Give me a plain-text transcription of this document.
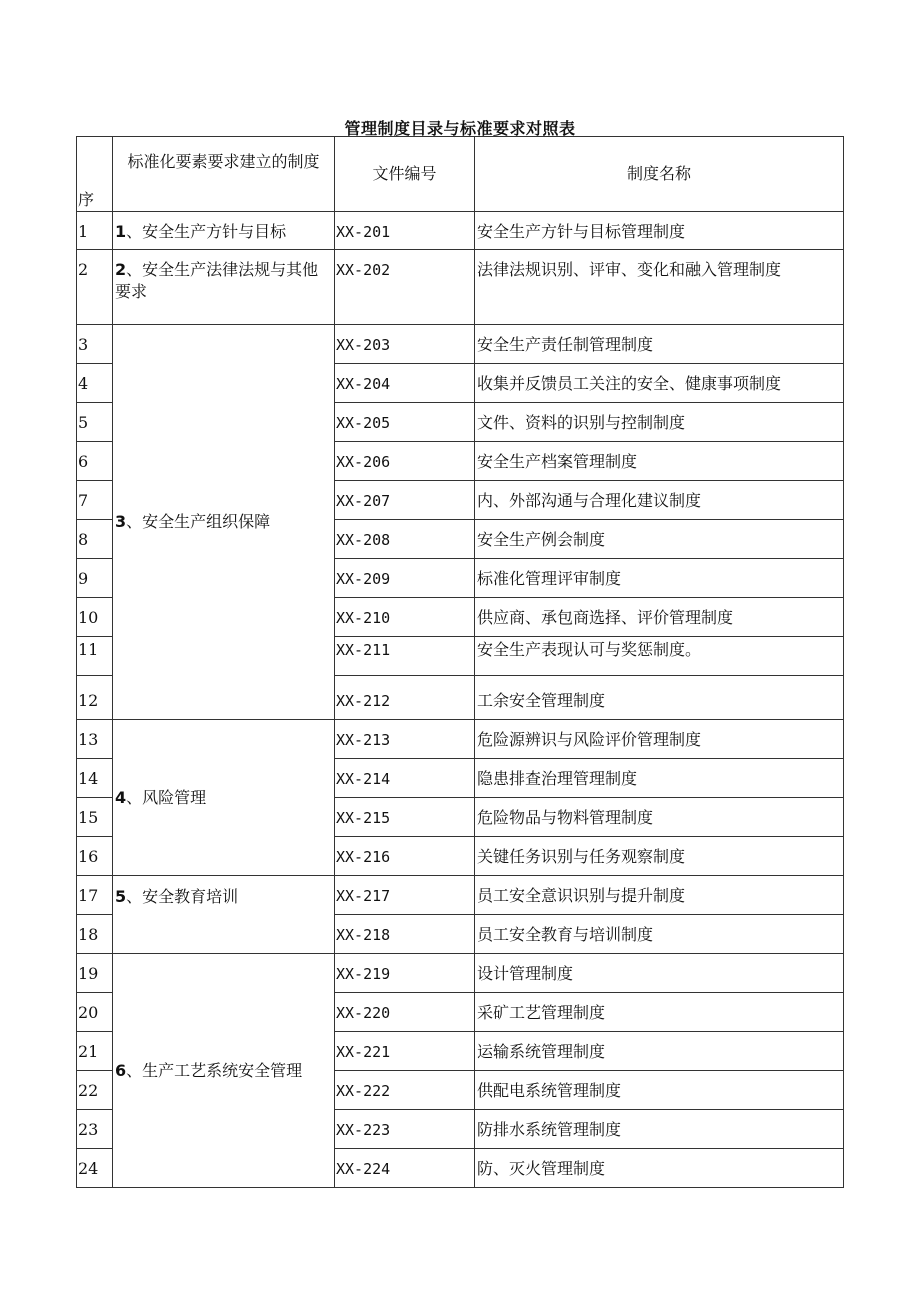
管理制度目录与标准要求对照表
序	标准化要素要求建立的制度	文件编号	制度名称

1	1、安全生产方针与目标	XX-201	安全生产方针与目标管理制度

2	2、安全生产法律法规与其他要求	XX-202	法律法规识别、评审、变化和融入管理制度

3	3、安全生产组织保障	XX-203	安全生产责任制管理制度

4		XX-204	收集并反馈员工关注的安全、健康事项制度

5		XX-205	文件、资料的识别与控制制度

6		XX-206	安全生产档案管理制度

7		XX-207	内、外部沟通与合理化建议制度

8		XX-208	安全生产例会制度

9		XX-209	标准化管理评审制度

10		XX-210	供应商、承包商选择、评价管理制度

11		XX-211	安全生产表现认可与奖惩制度。

12		XX-212	工余安全管理制度

13	4、风险管理	XX-213	危险源辨识与风险评价管理制度

14		XX-214	隐患排查治理管理制度

15		XX-215	危险物品与物料管理制度

16		XX-216	关键任务识别与任务观察制度

17	5、安全教育培训	XX-217	员工安全意识识别与提升制度

18		XX-218	员工安全教育与培训制度

19	6、生产工艺系统安全管理	XX-219	设计管理制度

20		XX-220	采矿工艺管理制度

21		XX-221	运输系统管理制度

22		XX-222	供配电系统管理制度

23		XX-223	防排水系统管理制度

24		XX-224	防、灭火管理制度
